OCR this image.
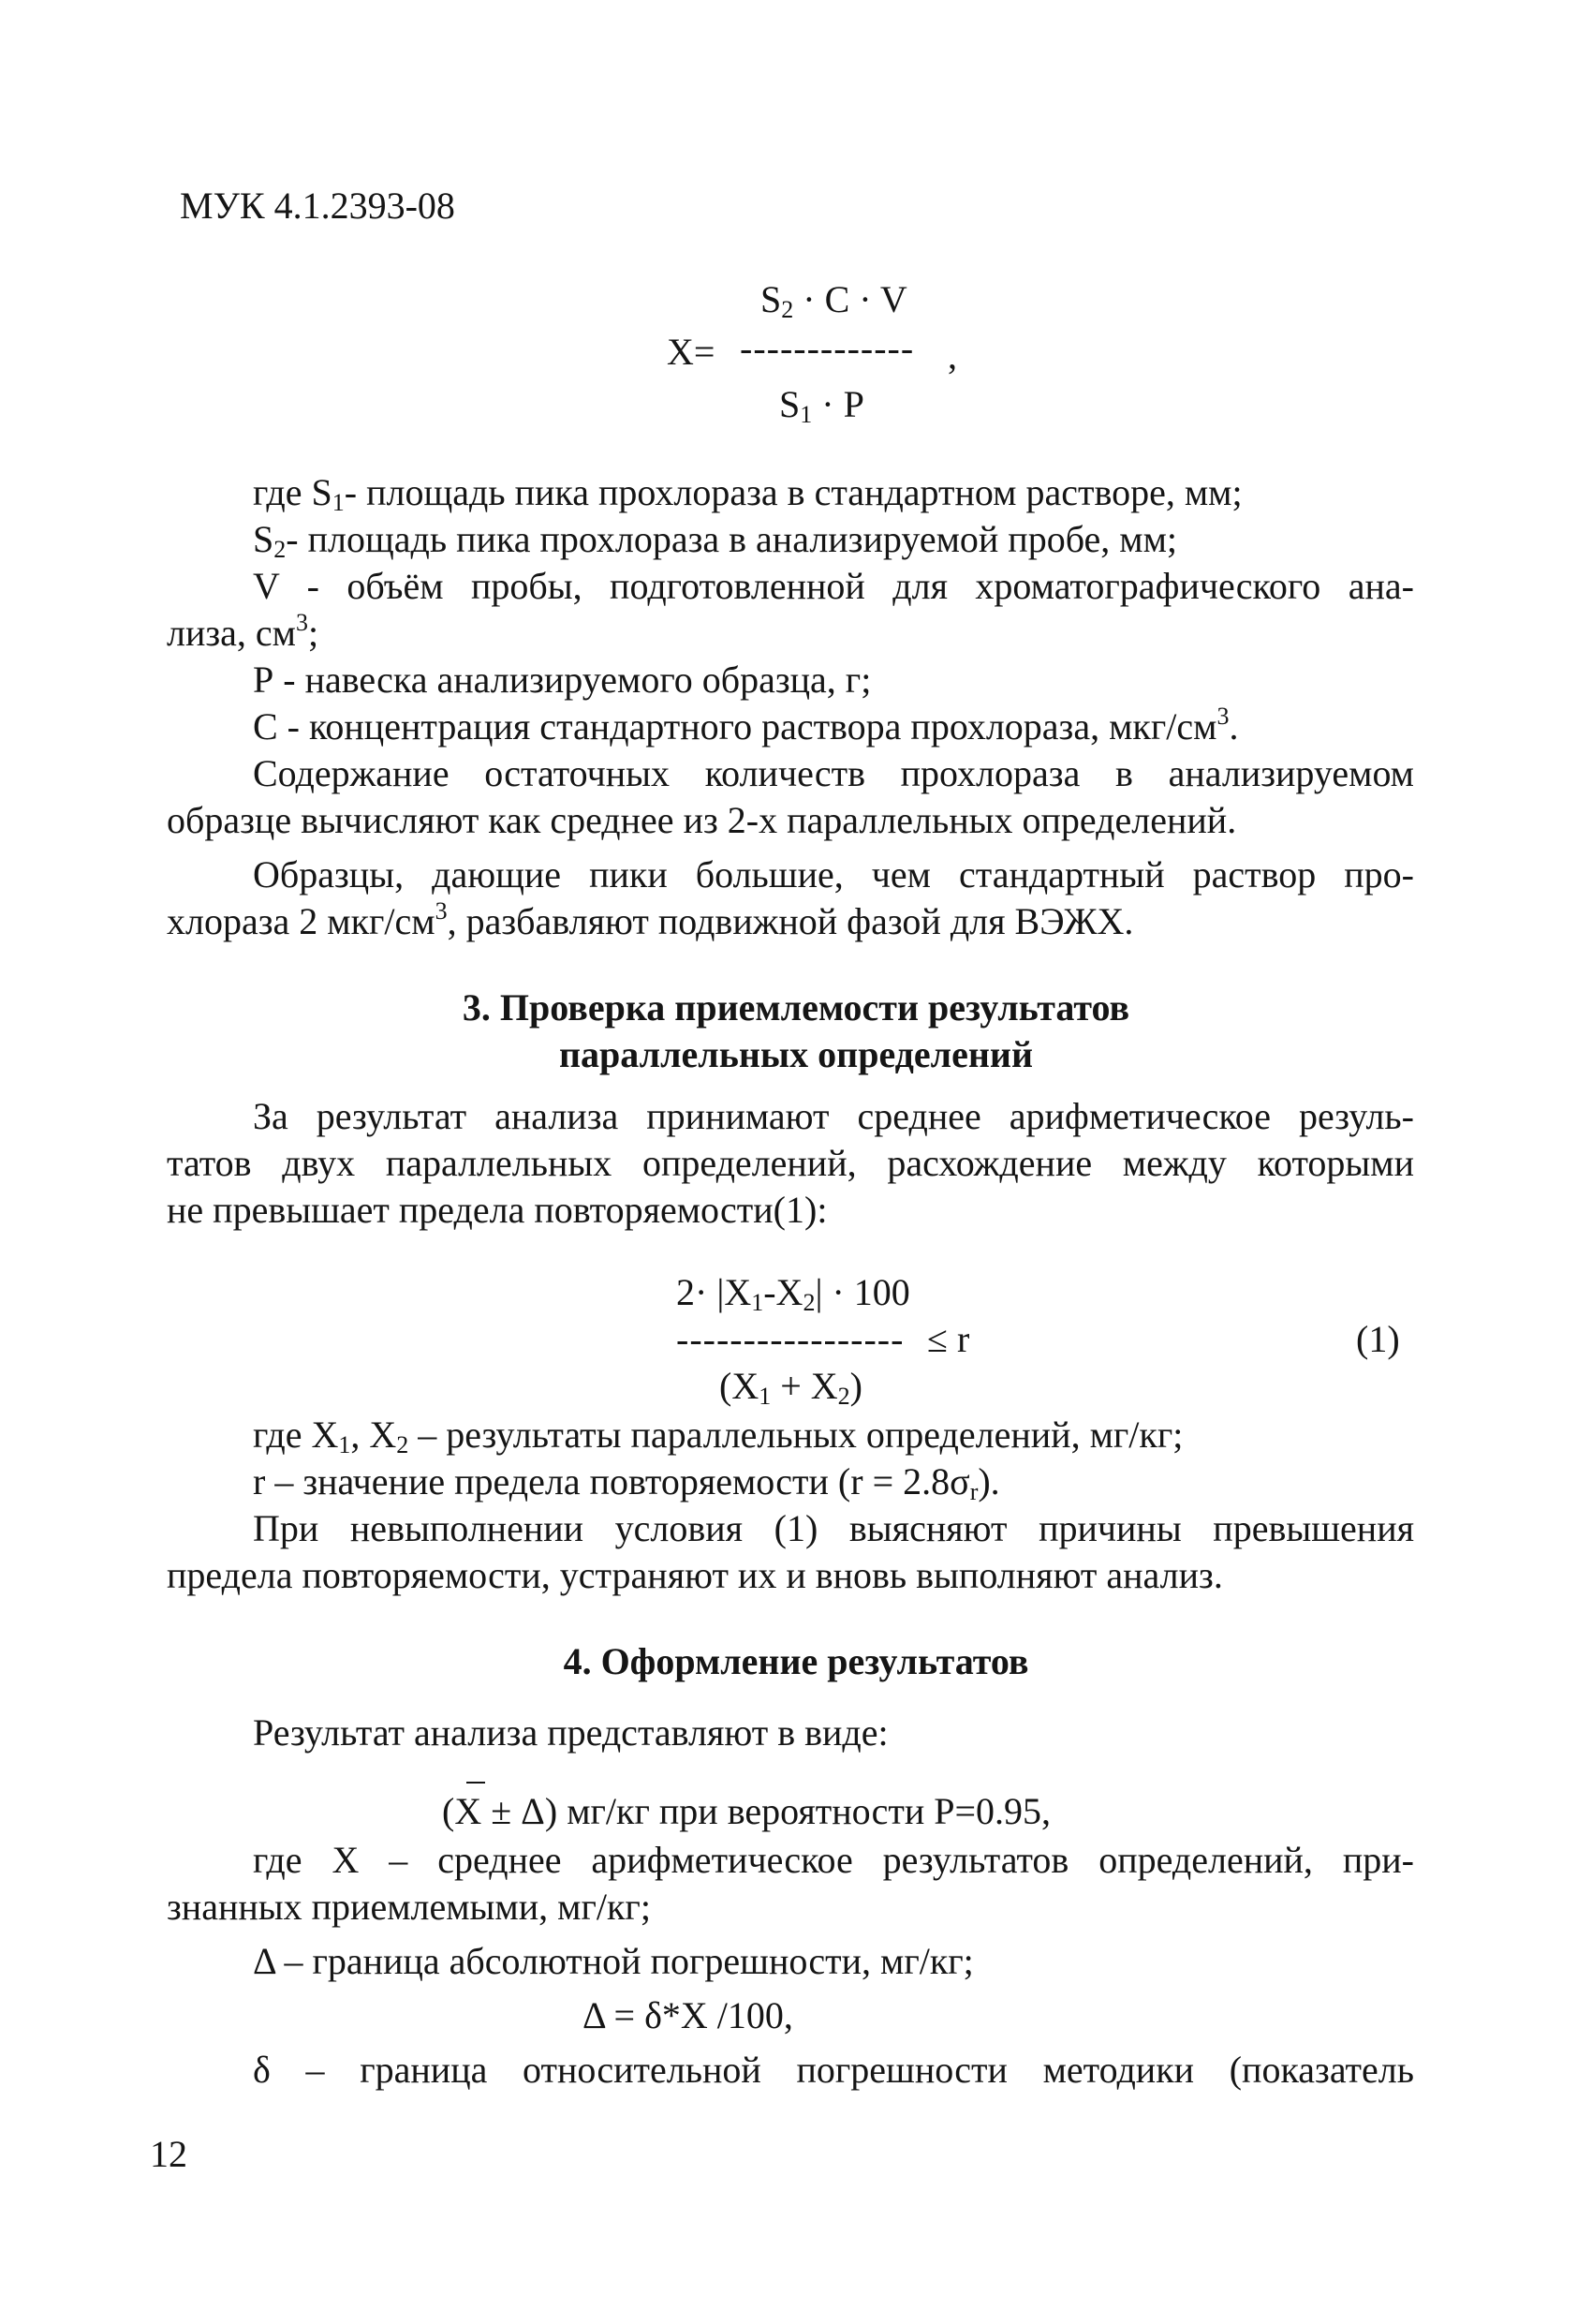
МУК 4.1.2393-08
$S_2 \cdot C \cdot V$
Х= ------------- ,
$S_1 \cdot P$
где $S_1-$ площадь пика прохлораза в стандартном растворе, мм;
$S_2-$ площадь пика прохлораза в анализируемой пробе, мм;
V - объём пробы, подготовленной для хроматографического ана-
лиза, $см^3$;
Р - навеска анализируемого образца, г;
С - концентрация стандартного раствора прохлораза, мкг/$см^3$.
Содержание остаточных количеств прохлораза в анализируемом
образце вычисляют как среднее из 2-х параллельных определений.
Образцы, дающие пики большие, чем стандартный раствор про-
хлораза 2 мкг/$см^3$, разбавляют подвижной фазой для ВЭЖХ.
3. Проверка приемлемости результатов
параллельных определений
За результат анализа принимают среднее арифметическое резуль-
татов двух параллельных определений, расхождение между которыми
не превышает предела повторяемости(1):
$2\cdot |X_1-X_2| \cdot 100$
----------------- ≤ r	(1)
$(X_1 + X_2)$
где $X_1$, $X_2$ – результаты параллельных определений, мг/кг;
r – значение предела повторяемости $(r = 2.8\sigma_r)$.
При невыполнении условия (1) выясняют причины превышения
предела повторяемости, устраняют их и вновь выполняют анализ.
4. Оформление результатов
Результат анализа представляют в виде:
(X ± Δ) мг/кг при вероятности P=0.95,
где X – среднее арифметическое результатов определений, при-
знанных приемлемыми, мг/кг;
Δ – граница абсолютной погрешности, мг/кг;
Δ = δ*X /100,
δ – граница относительной погрешности методики (показатель
12
